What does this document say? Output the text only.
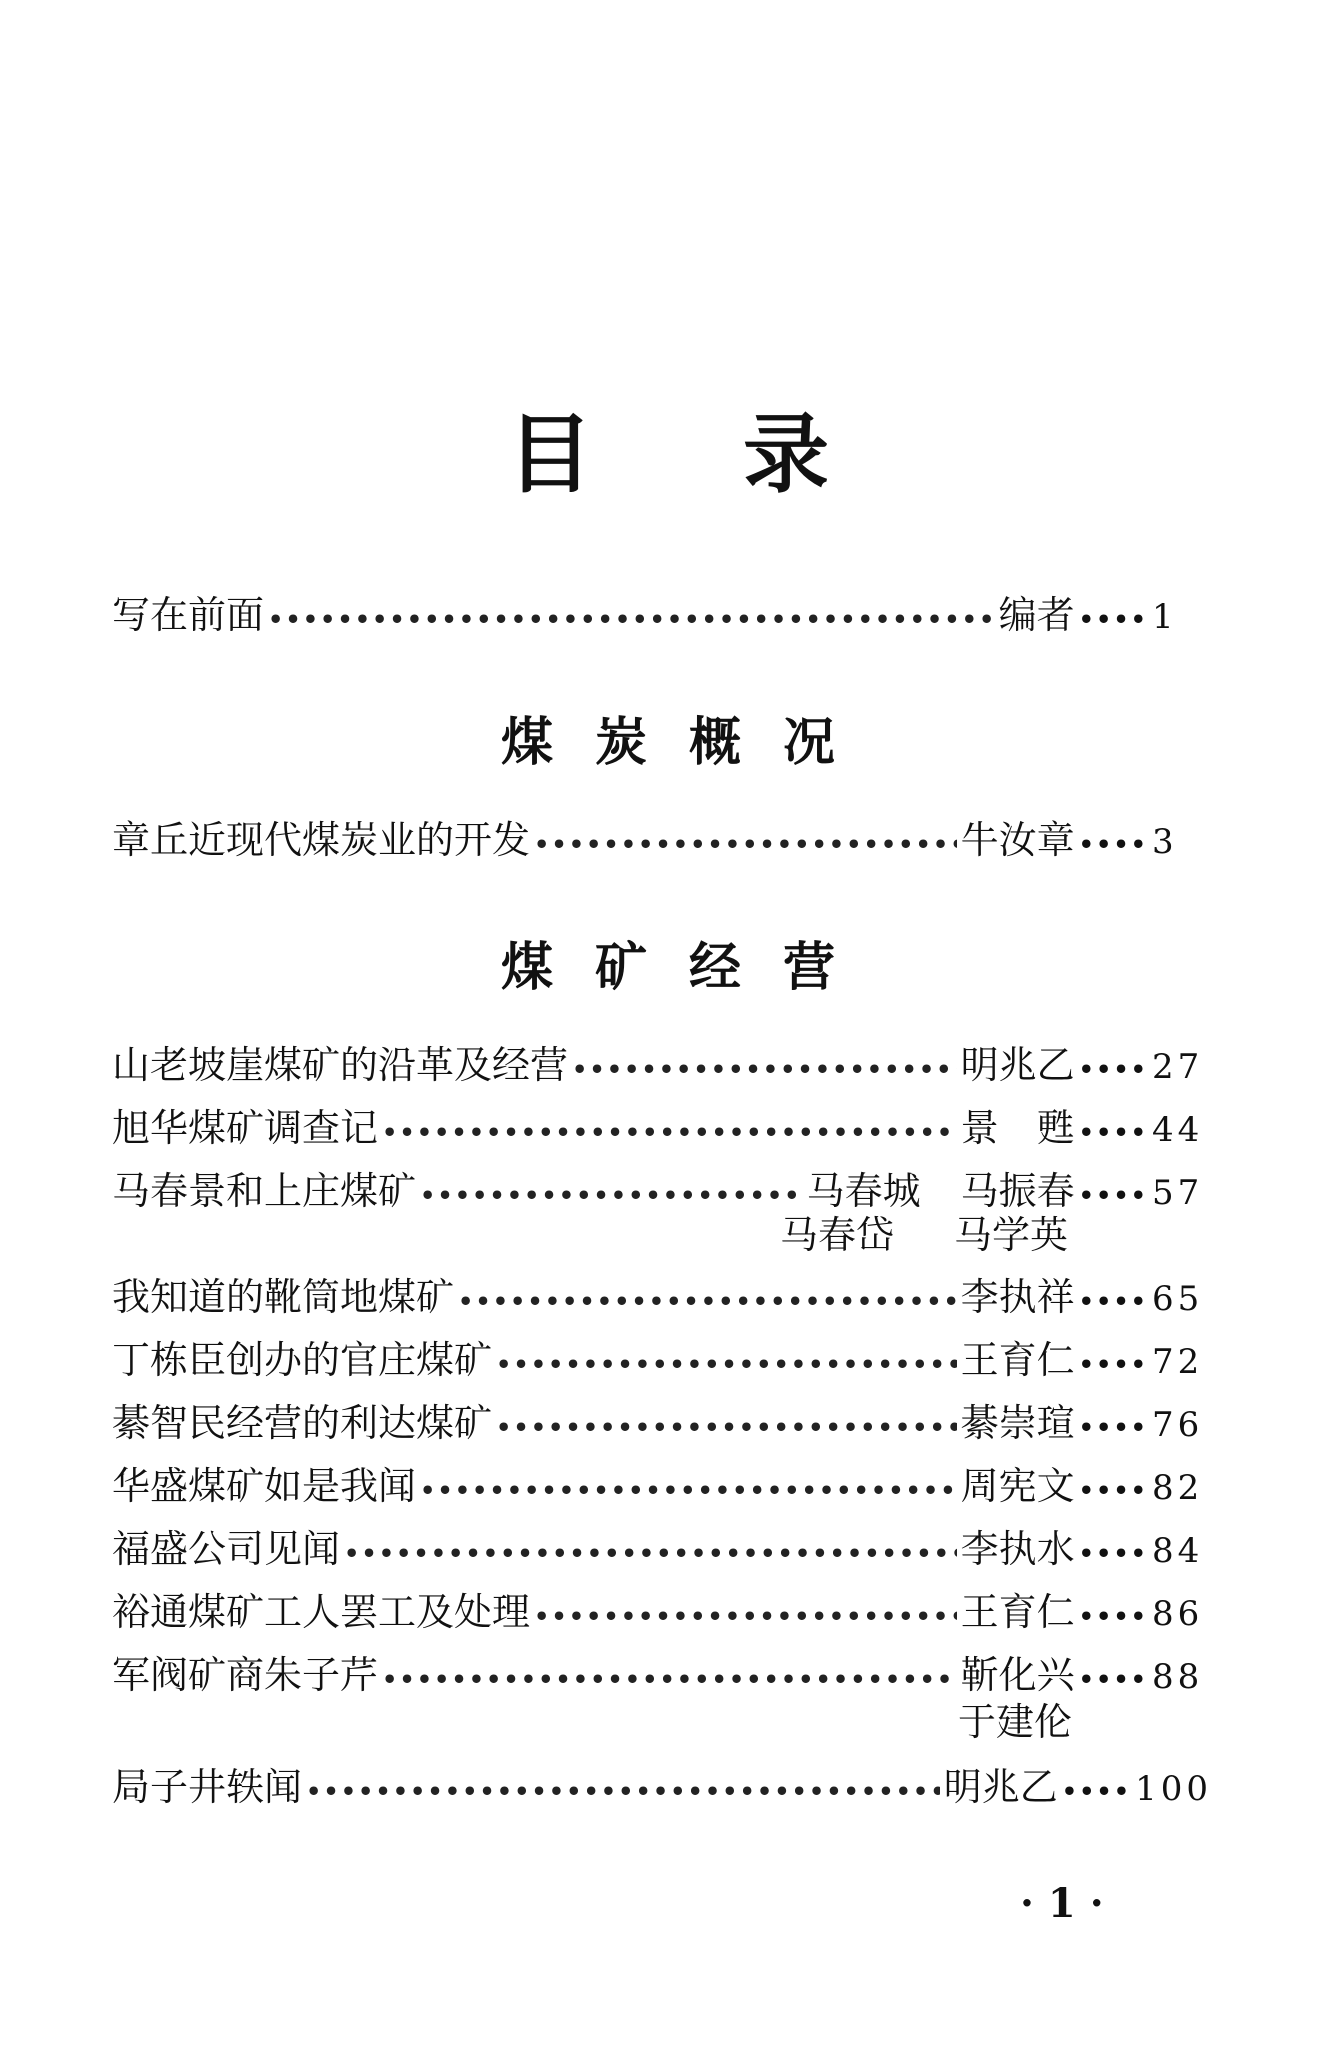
目 录
写在前面 •••••	编者 •••• 1
煤 炭 概 况
章丘近现代煤炭业的开发 •••••	牛汝章 •••• 3
煤 矿 经 营
山老坡崖煤矿的沿革及经营 •••••	明兆乙 •••• 27
旭华煤矿调查记 •••••	景　甦 •••• 44
马春景和上庄煤矿 •••••	马春城 马振春 •••• 57
马春岱 马学英
我知道的靴筒地煤矿 •••••	李执祥 •••• 65
丁栋臣创办的官庄煤矿 •••••	王育仁 •••• 72
綦智民经营的利达煤矿 •••••	綦崇瑄 •••• 76
华盛煤矿如是我闻 •••••	周宪文 •••• 82
福盛公司见闻 •••••	李执水 •••• 84
裕通煤矿工人罢工及处理 •••••	王育仁 •••• 86
军阀矿商朱子芹 •••••	靳化兴 •••• 88
于建伦
局子井轶闻 •••••	明兆乙 •••• 100
·1·
